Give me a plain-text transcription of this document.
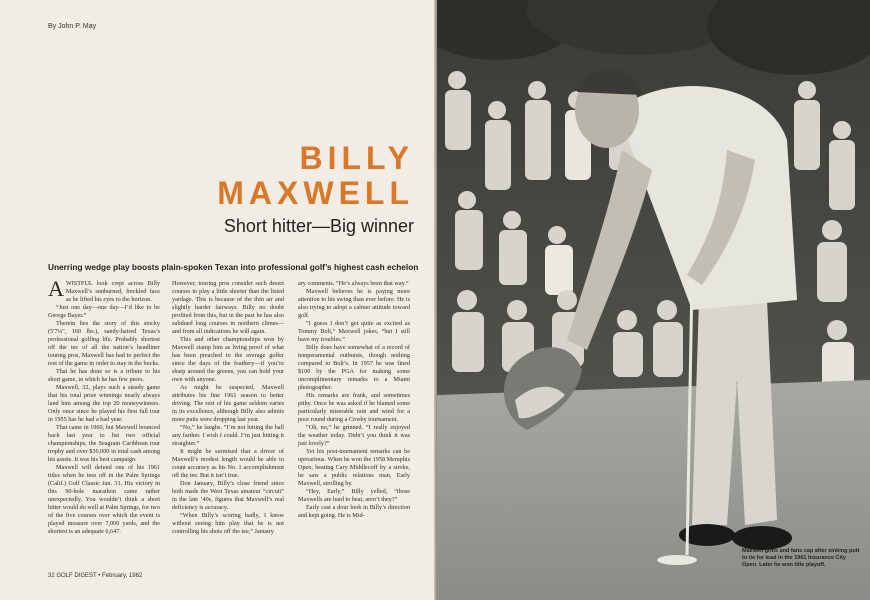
By John P. May
BILLY
MAXWELL
Short hitter—Big winner
Unerring wedge play boosts plain-spoken Texan into professional golf’s highest cash echelon

AWISTFUL look crept across Billy Maxwell’s sunburned, freckled face as he lifted his eyes to the horizon.

“Just one day—one day—I’d like to be George Bayer.”

Therein lies the story of this stocky (5′7¼″, 160 lbs.), sandy-haired Texas’s professional golfing life. Probably shortest off the tee of all the nation’s headliner touring pros, Maxwell has had to perfect the rest of the game in order to stay in the bucks.

That he has done so is a tribute to his short game, in which he has few peers.

Maxwell, 32, plays such a steady game that his total prize winnings nearly always land him among the top 20 moneywinners. Only once since he played his first full tour in 1955 has he had a bad year.

That came in 1960, but Maxwell bounced back last year to list two official championships, the Seagram Caribbean tour trophy and over $36,000 in total cash among his assets. It was his best campaign.

Maxwell will defend one of his 1961 titles when he tees off in the Palm Springs (Calif.) Golf Classic Jan. 31. His victory in this 90-hole marathon came rather unexpectedly. You wouldn’t think a short hitter would do well at Palm Springs, for two of the five courses over which the event is played measure over 7,000 yards, and the shortest is an adequate 6,647.

However, touring pros consider such desert courses to play a little shorter than the listed yardage. This is because of the thin air and slightly harder fairways. Billy no doubt profited from this, but in the past he has also subdued long courses in northern climes—and from all indications he will again.

This and other championships won by Maxwell stamp him as living proof of what has been preached to the average golfer since the days of the feathery—if you’re sharp around the greens, you can hold your own with anyone.

As might be suspected, Maxwell attributes his fine 1961 season to better driving. The rest of his game seldom varies in its excellence, although Billy also admits more putts were dropping last year.

“No,” he laughs. “I’m not hitting the ball any farther. I wish I could. I’m just hitting it straighter.”

It might be surmised that a driver of Maxwell’s modest length would be able to count accuracy as his No. 1 accomplishment off the tee. But it isn’t true.

Don January, Billy’s close friend since both made the West Texas amateur “circuit” in the late ’40s, figures that Maxwell’s real deficiency is accuracy.

“When Billy’s scoring badly, I know without seeing him play that he is not controlling his shots off the tee,” January

ary comments. “He’s always been that way.”

Maxwell believes he is paying more attention to his swing than ever before. He is also trying to adopt a calmer attitude toward golf.

“I guess I don’t get quite as excited as Tommy Bolt,” Maxwell jokes, “but I still have my troubles.”

Billy does have somewhat of a record of temperamental outbursts, though nothing compared to Bolt’s. In 1957 he was fined $100 by the PGA for making some uncomplimentary remarks to a Miami photographer.

His remarks are frank, and sometimes pithy. Once he was asked if he blamed some particularly miserable rain and wind for a poor round during a Crosby tournament.

“Oh, no,” he grinned. “I really enjoyed the weather today. Didn’t you think it was just lovely?”

Yet his post-tournament remarks can be uproarious. When he won the 1958 Memphis Open, beating Cary Middlecoff by a stroke, he saw a public relations man, Early Maxwell, strolling by.

“Hey, Early,” Billy yelled, “those Maxwells are hard to beat, aren’t they?”

Early cast a dour look in Billy’s direction and kept going. He is Mid-

32 GOLF DIGEST • February, 1962
Maxwell grins and fans cap after sinking putt to tie for lead in the 1961 Insurance City Open. Later he won title playoff.
